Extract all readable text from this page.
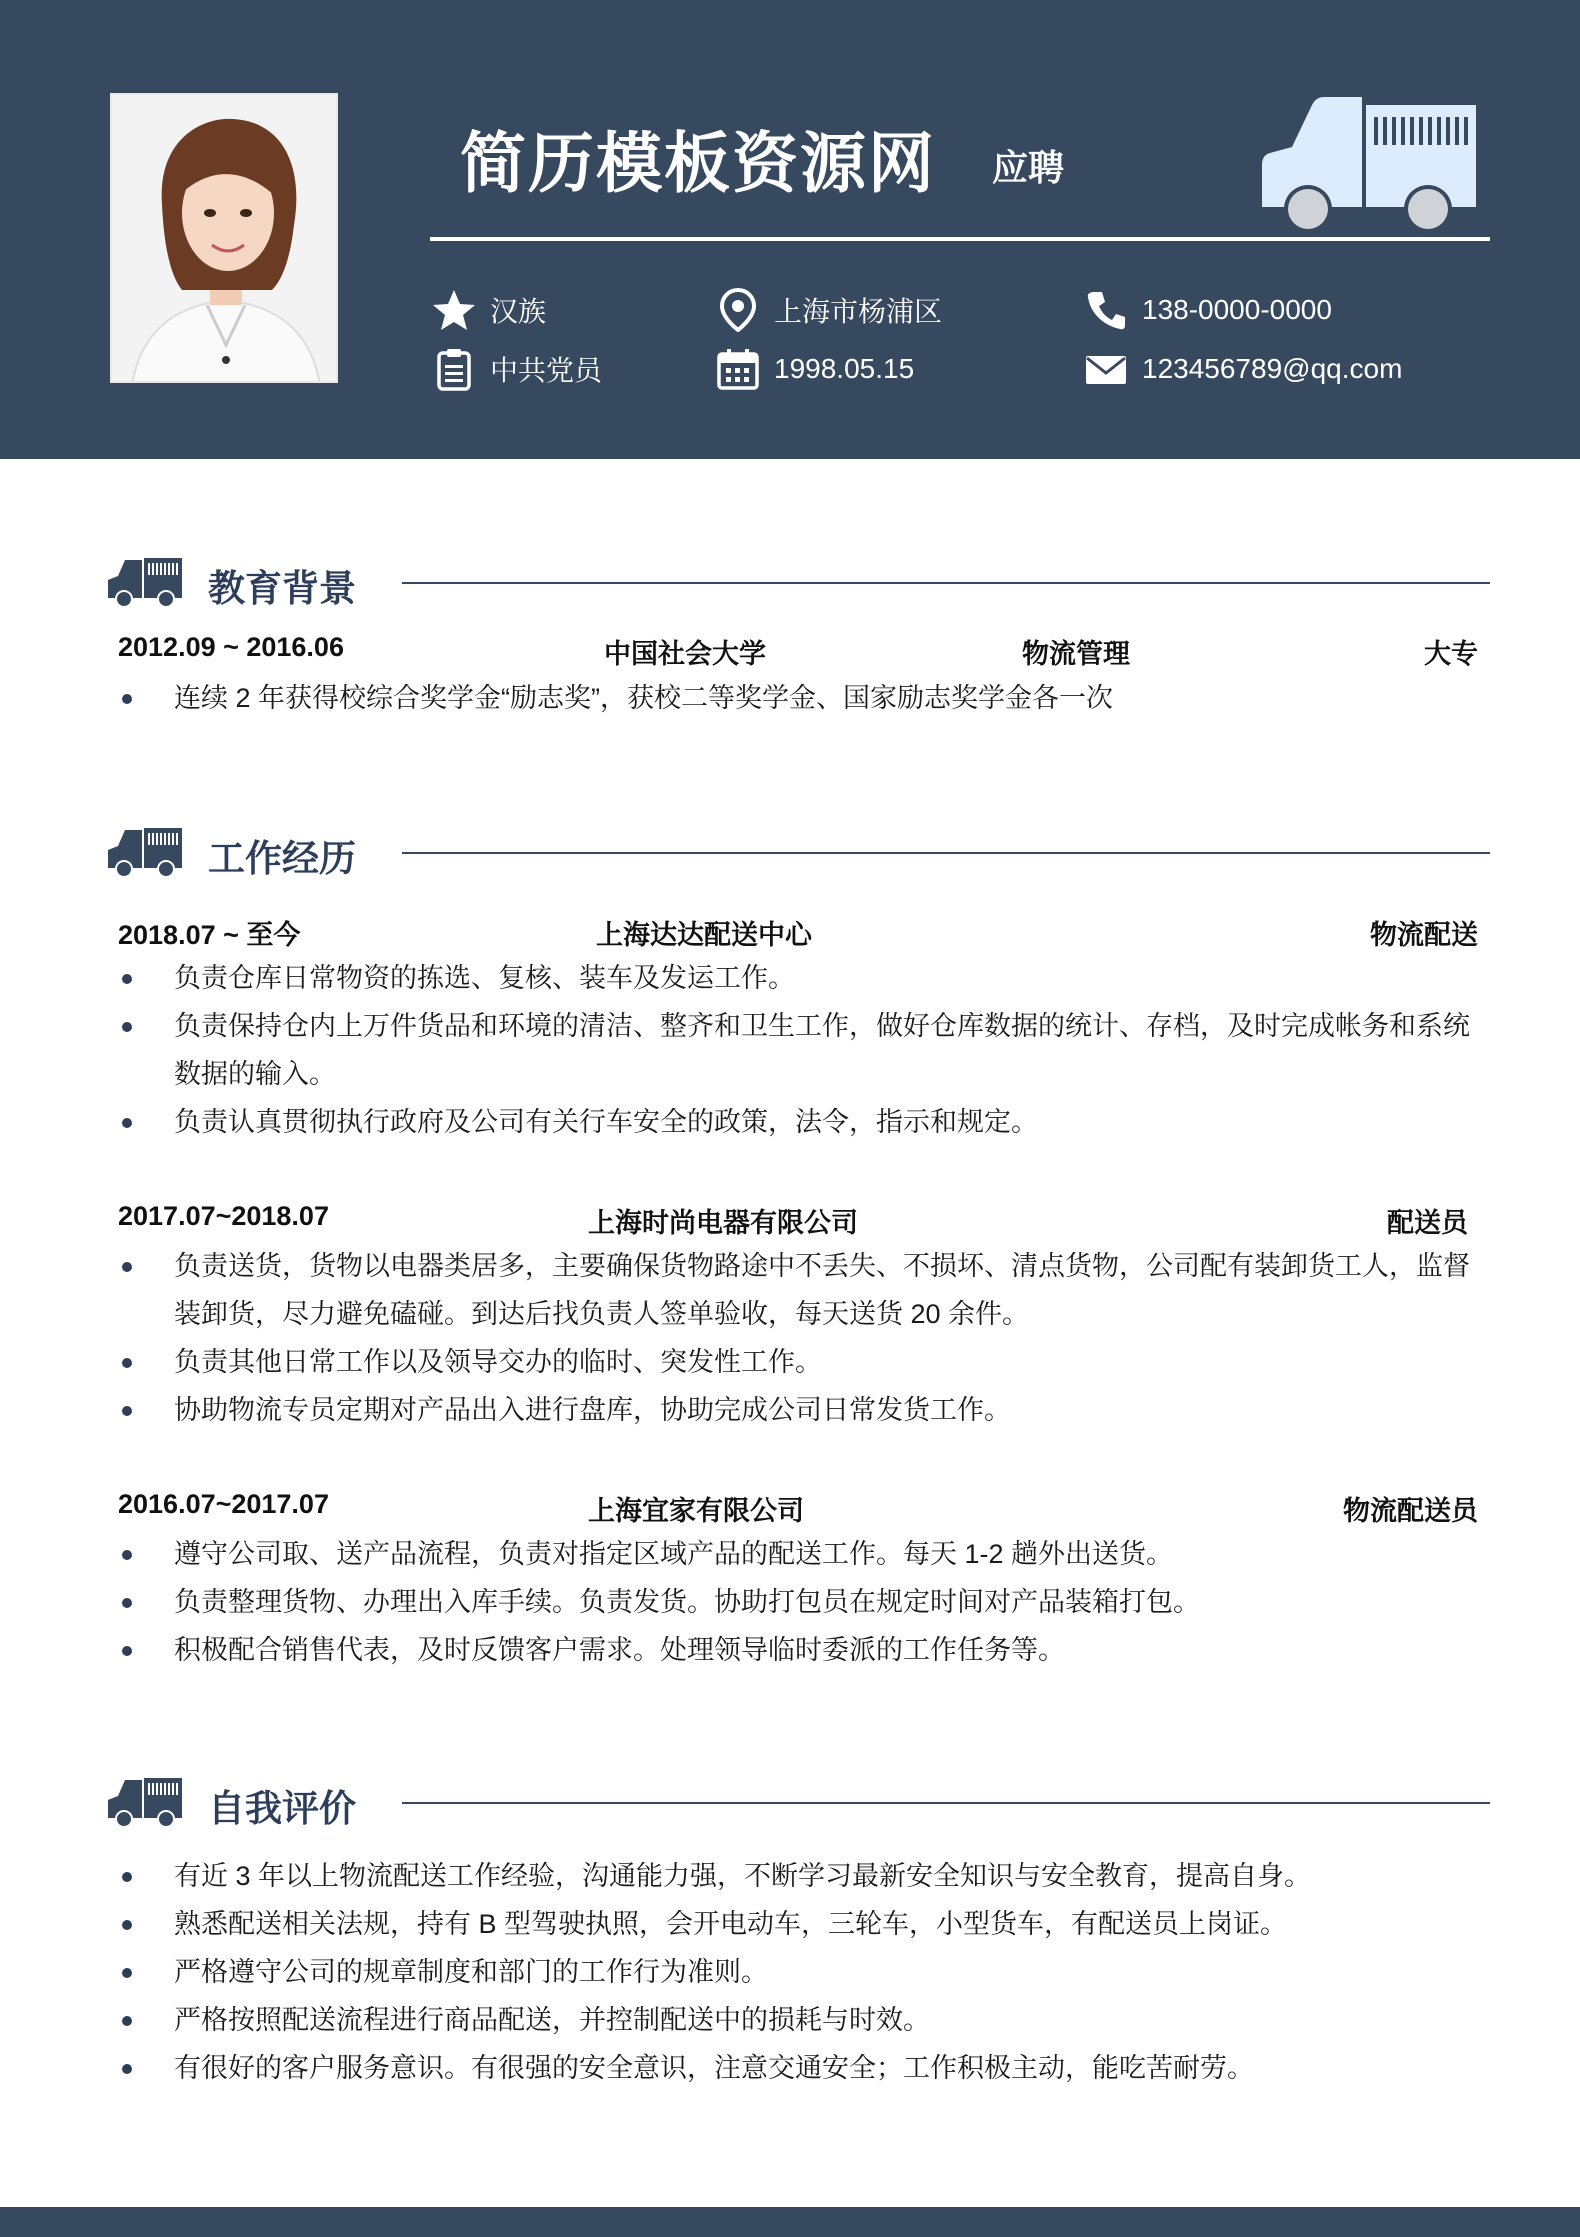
简历模板资源网 应聘
汉族	上海市杨浦区	138-0000-0000
中共党员	1998.05.15	123456789@qq.com
教育背景
2012.09 ~ 2016.06	中国社会大学	物流管理	大专
连续 2 年获得校综合奖学金“励志奖”，获校二等奖学金、国家励志奖学金各一次
工作经历
2018.07 ~ 至今	上海达达配送中心	物流配送
负责仓库日常物资的拣选、复核、装车及发运工作。
负责保持仓内上万件货品和环境的清洁、整齐和卫生工作，做好仓库数据的统计、存档，及时完成帐务和系统数据的输入。
负责认真贯彻执行政府及公司有关行车安全的政策，法令，指示和规定。
2017.07~2018.07	上海时尚电器有限公司	配送员
负责送货，货物以电器类居多，主要确保货物路途中不丢失、不损坏、清点货物，公司配有装卸货工人，监督装卸货，尽力避免磕碰。到达后找负责人签单验收，每天送货 20 余件。
负责其他日常工作以及领导交办的临时、突发性工作。
协助物流专员定期对产品出入进行盘库，协助完成公司日常发货工作。
2016.07~2017.07	上海宜家有限公司	物流配送员
遵守公司取、送产品流程，负责对指定区域产品的配送工作。每天 1-2 趟外出送货。
负责整理货物、办理出入库手续。负责发货。协助打包员在规定时间对产品装箱打包。
积极配合销售代表，及时反馈客户需求。处理领导临时委派的工作任务等。
自我评价
有近 3 年以上物流配送工作经验，沟通能力强，不断学习最新安全知识与安全教育，提高自身。
熟悉配送相关法规，持有 B 型驾驶执照，会开电动车，三轮车，小型货车，有配送员上岗证。
严格遵守公司的规章制度和部门的工作行为准则。
严格按照配送流程进行商品配送，并控制配送中的损耗与时效。
有很好的客户服务意识。有很强的安全意识，注意交通安全；工作积极主动，能吃苦耐劳。
